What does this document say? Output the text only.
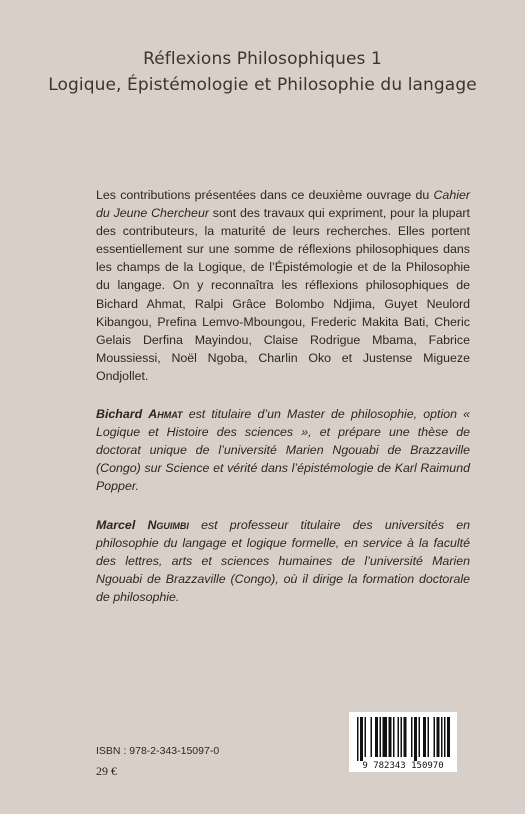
Réflexions Philosophiques 1
Logique, Épistémologie et Philosophie du langage

Les contributions présentées dans ce deuxième ouvrage du Cahier du Jeune Chercheur sont des travaux qui expriment, pour la plupart des contributeurs, la maturité de leurs recherches. Elles portent essentiellement sur une somme de réflexions philosophiques dans les champs de la Logique, de l’Épistémologie et de la Philosophie du langage. On y reconnaîtra les réflexions philosophiques de Bichard Ahmat, Ralpi Grâce Bolombo Ndjima, Guyet Neulord Kibangou, Prefina Lemvo-Mboungou, Frederic Makita Bati, Cheric Gelais Derfina Mayindou, Claise Rodrigue Mbama, Fabrice Moussiessi, Noël Ngoba, Charlin Oko et Justense Migueze Ondjollet.

Bichard Ahmat est titulaire d’un Master de philosophie, option « Logique et Histoire des sciences », et prépare une thèse de doctorat unique de l’université Marien Ngouabi de Brazzaville (Congo) sur Science et vérité dans l’épistémologie de Karl Raimund Popper.

Marcel Nguimbi est professeur titulaire des universités en philosophie du langage et logique formelle, en service à la faculté des lettres, arts et sciences humaines de l’université Marien Ngouabi de Brazzaville (Congo), où il dirige la formation doctorale de philosophie.

ISBN : 978-2-343-15097-0
29 €	9 782343 150970
